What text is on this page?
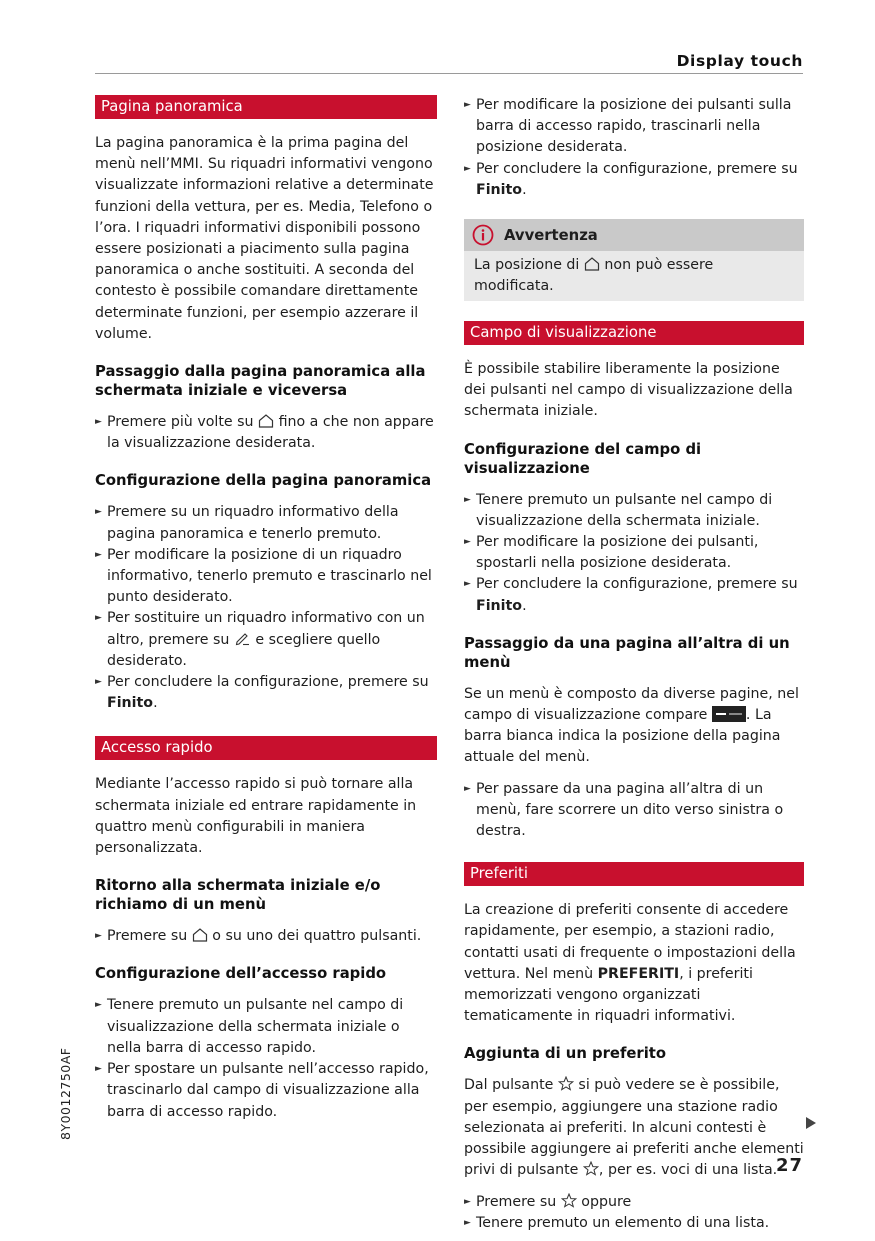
Display touch
Pagina panoramica

La pagina panoramica è la prima pagina del menù nell’MMI. Su riquadri informativi vengono visualizzate informazioni relative a determinate funzioni della vettura, per es. Media, Telefono o l’ora. I riquadri informativi disponibili possono essere posizionati a piacimento sulla pagina panoramica o anche sostituiti. A seconda del contesto è possibile comandare direttamente determinate funzioni, per esempio azzerare il volume.

Passaggio dalla pagina panoramica alla schermata iniziale e viceversa
► Premere più volte su fino a che non appare la visualizzazione desiderata.
Configurazione della pagina panoramica
► Premere su un riquadro informativo della pagina panoramica e tenerlo premuto.
► Per modificare la posizione di un riquadro informativo, tenerlo premuto e trascinarlo nel punto desiderato.
► Per sostituire un riquadro informativo con un altro, premere su e scegliere quello desiderato.
► Per concludere la configurazione, premere su Finito.
Accesso rapido

Mediante l’accesso rapido si può tornare alla schermata iniziale ed entrare rapidamente in quattro menù configurabili in maniera personalizzata.

Ritorno alla schermata iniziale e/o richiamo di un menù
► Premere su o su uno dei quattro pulsanti.
Configurazione dell’accesso rapido
► Tenere premuto un pulsante nel campo di visualizzazione della schermata iniziale o nella barra di accesso rapido.
► Per spostare un pulsante nell’accesso rapido, trascinarlo dal campo di visualizzazione alla barra di accesso rapido.
► Per modificare la posizione dei pulsanti sulla barra di accesso rapido, trascinarli nella posizione desiderata.
► Per concludere la configurazione, premere su Finito.
Avvertenza
La posizione di non può essere modificata.
Campo di visualizzazione

È possibile stabilire liberamente la posizione dei pulsanti nel campo di visualizzazione della schermata iniziale.

Configurazione del campo di visualizzazione
► Tenere premuto un pulsante nel campo di visualizzazione della schermata iniziale.
► Per modificare la posizione dei pulsanti, spostarli nella posizione desiderata.
► Per concludere la configurazione, premere su Finito.
Passaggio da una pagina all’altra di un menù

Se un menù è composto da diverse pagine, nel campo di visualizzazione compare	. La barra bianca indica la posizione della pagina attuale del menù.

► Per passare da una pagina all’altra di un menù, fare scorrere un dito verso sinistra o destra.
Preferiti

La creazione di preferiti consente di accedere rapidamente, per esempio, a stazioni radio, contatti usati di frequente o impostazioni della vettura. Nel menù PREFERITI, i preferiti memorizzati vengono organizzati tematicamente in riquadri informativi.

Aggiunta di un preferito

Dal pulsante si può vedere se è possibile, per esempio, aggiungere una stazione radio selezionata ai preferiti. In alcuni contesti è possibile aggiungere ai preferiti anche elementi privi di pulsante , per es. voci di una lista.

► Premere su oppure
► Tenere premuto un elemento di una lista.
8Y0012750AF
27
